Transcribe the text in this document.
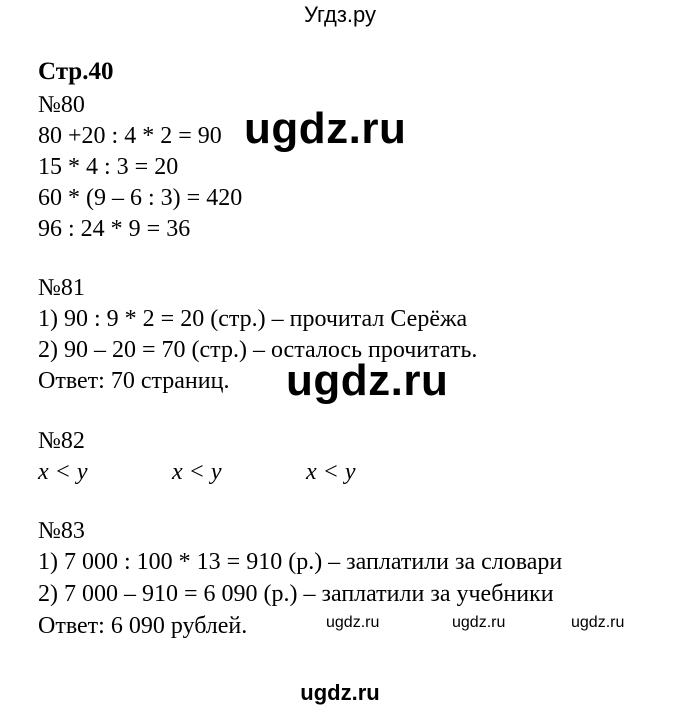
Угдз.ру
Стр.40
№80
80 +20 : 4 * 2 = 90
15 * 4 : 3 = 20
60 * (9 – 6 : 3) = 420
96 : 24 * 9 = 36
ugdz.ru
№81
1) 90 : 9 * 2 = 20 (стр.) – прочитал Серёжа
2) 90 – 20 = 70 (стр.) – осталось прочитать.
Ответ: 70 страниц. ugdz.ru
№82
x < y	x < y	x < y
№83
1) 7 000 : 100 * 13 = 910 (р.) – заплатили за словари
2) 7 000 – 910 = 6 090 (р.) – заплатили за учебники
Ответ: 6 090 рублей.	ugdz.ru	ugdz.ru	ugdz.ru
ugdz.ru
